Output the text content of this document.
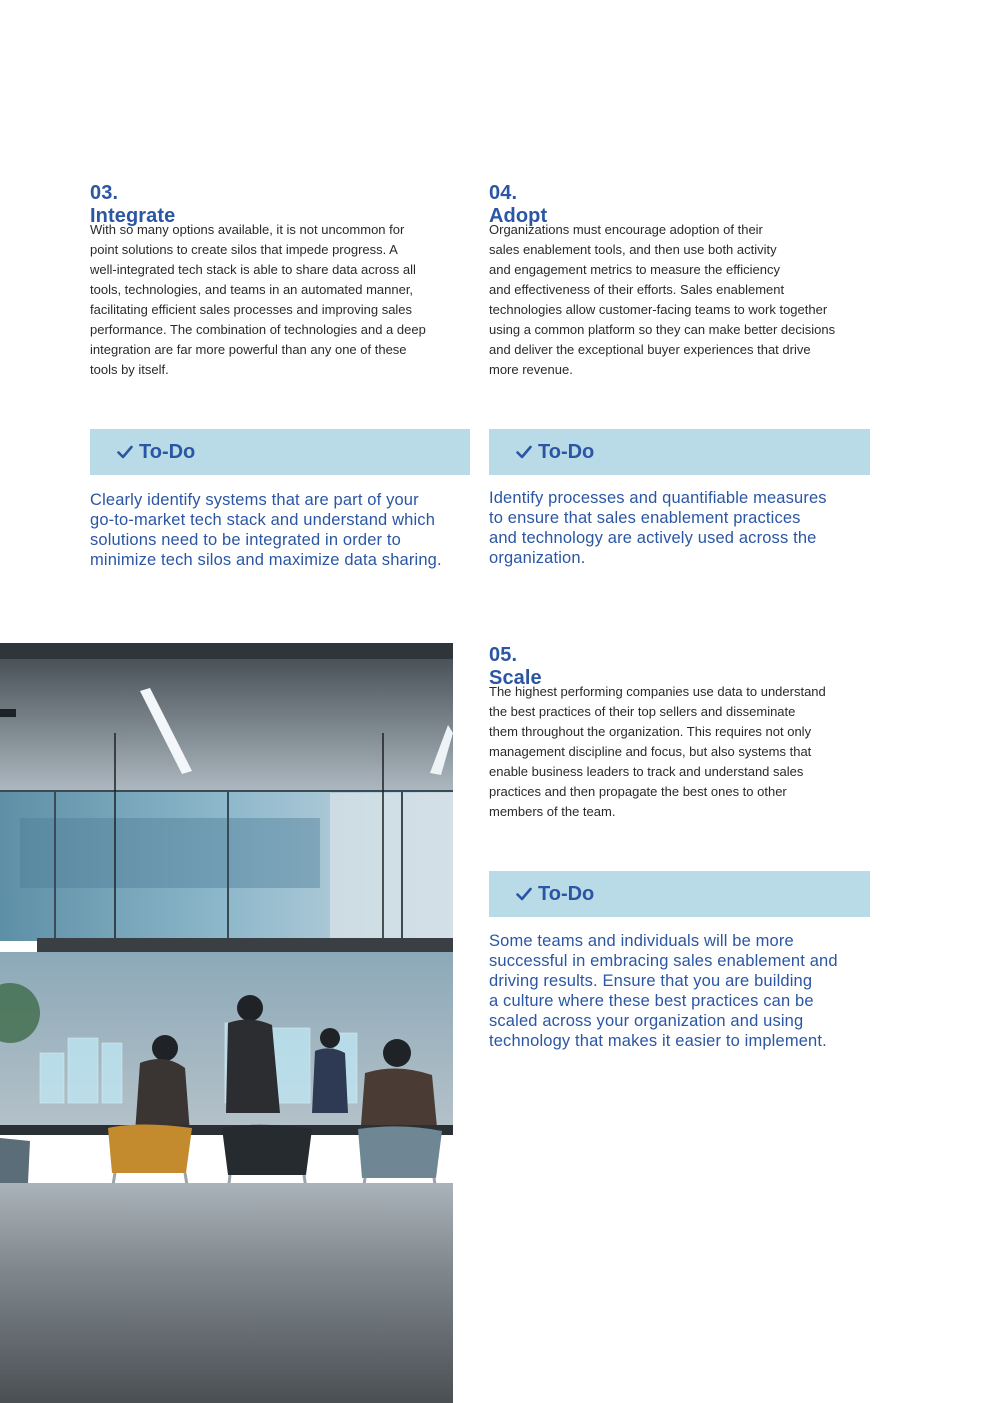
03. Integrate

With so many options available, it is not uncommon for
point solutions to create silos that impede progress. A
well-integrated tech stack is able to share data across all
tools, technologies, and teams in an automated manner,
facilitating efficient sales processes and improving sales
performance. The combination of technologies and a deep
integration are far more powerful than any one of these
tools by itself.

To-Do

Clearly identify systems that are part of your
go-to-market tech stack and understand which
solutions need to be integrated in order to
minimize tech silos and maximize data sharing.

04. Adopt

Organizations must encourage adoption of their
sales enablement tools, and then use both activity
and engagement metrics to measure the efficiency
and effectiveness of their efforts. Sales enablement
technologies allow customer-facing teams to work together
using a common platform so they can make better decisions
and deliver the exceptional buyer experiences that drive
more revenue.

To-Do

Identify processes and quantifiable measures
to ensure that sales enablement practices
and technology are actively used across the
organization.

05. Scale

The highest performing companies use data to understand
the best practices of their top sellers and disseminate
them throughout the organization. This requires not only
management discipline and focus, but also systems that
enable business leaders to track and understand sales
practices and then propagate the best ones to other
members of the team.

To-Do

Some teams and individuals will be more
successful in embracing sales enablement and
driving results. Ensure that you are building
a culture where these best practices can be
scaled across your organization and using
technology that makes it easier to implement.
